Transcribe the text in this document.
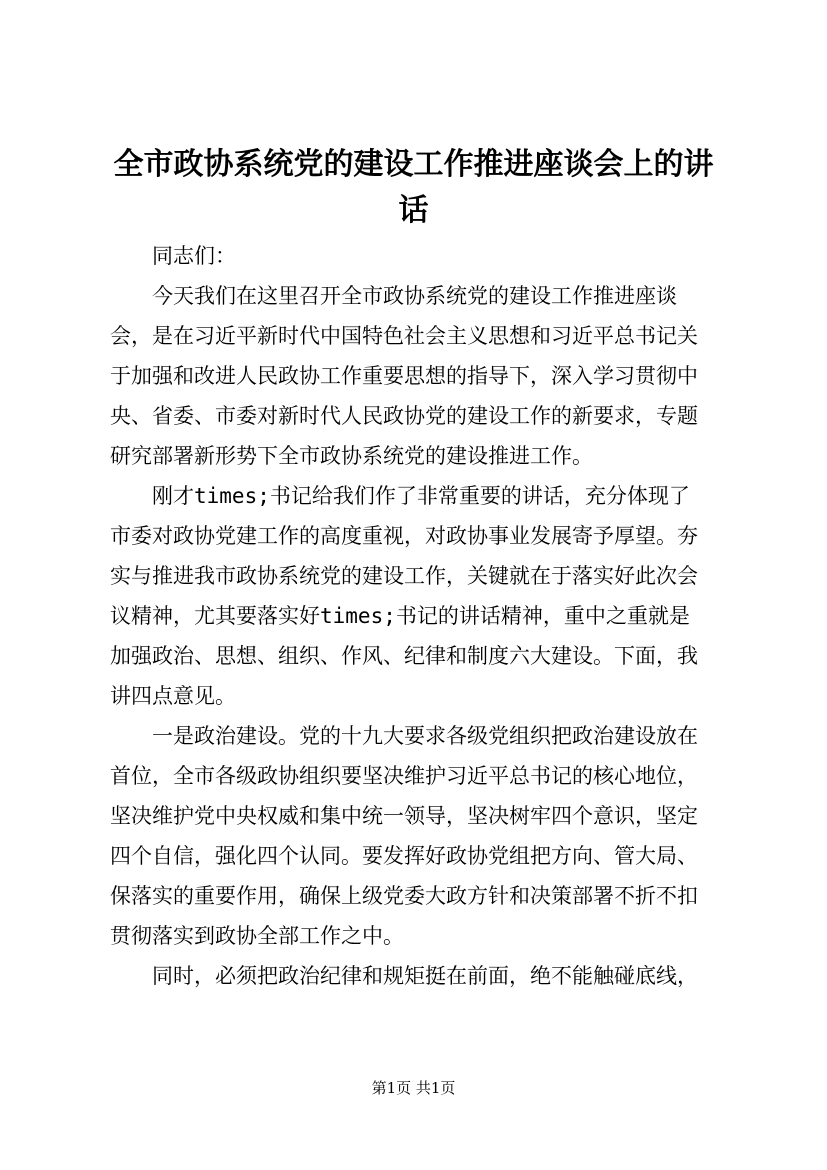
全市政协系统党的建设工作推进座谈会上的讲
话

同志们：

今天我们在这里召开全市政协系统党的建设工作推进座谈
会，是在习近平新时代中国特色社会主义思想和习近平总书记关
于加强和改进人民政协工作重要思想的指导下，深入学习贯彻中
央、省委、市委对新时代人民政协党的建设工作的新要求，专题
研究部署新形势下全市政协系统党的建设推进工作。

刚才times;书记给我们作了非常重要的讲话，充分体现了
市委对政协党建工作的高度重视，对政协事业发展寄予厚望。夯
实与推进我市政协系统党的建设工作，关键就在于落实好此次会
议精神，尤其要落实好times;书记的讲话精神，重中之重就是
加强政治、思想、组织、作风、纪律和制度六大建设。下面，我
讲四点意见。

一是政治建设。党的十九大要求各级党组织把政治建设放在
首位，全市各级政协组织要坚决维护习近平总书记的核心地位，
坚决维护党中央权威和集中统一领导，坚决树牢四个意识，坚定
四个自信，强化四个认同。要发挥好政协党组把方向、管大局、
保落实的重要作用，确保上级党委大政方针和决策部署不折不扣
贯彻落实到政协全部工作之中。

同时，必须把政治纪律和规矩挺在前面，绝不能触碰底线，

第1页 共1页
